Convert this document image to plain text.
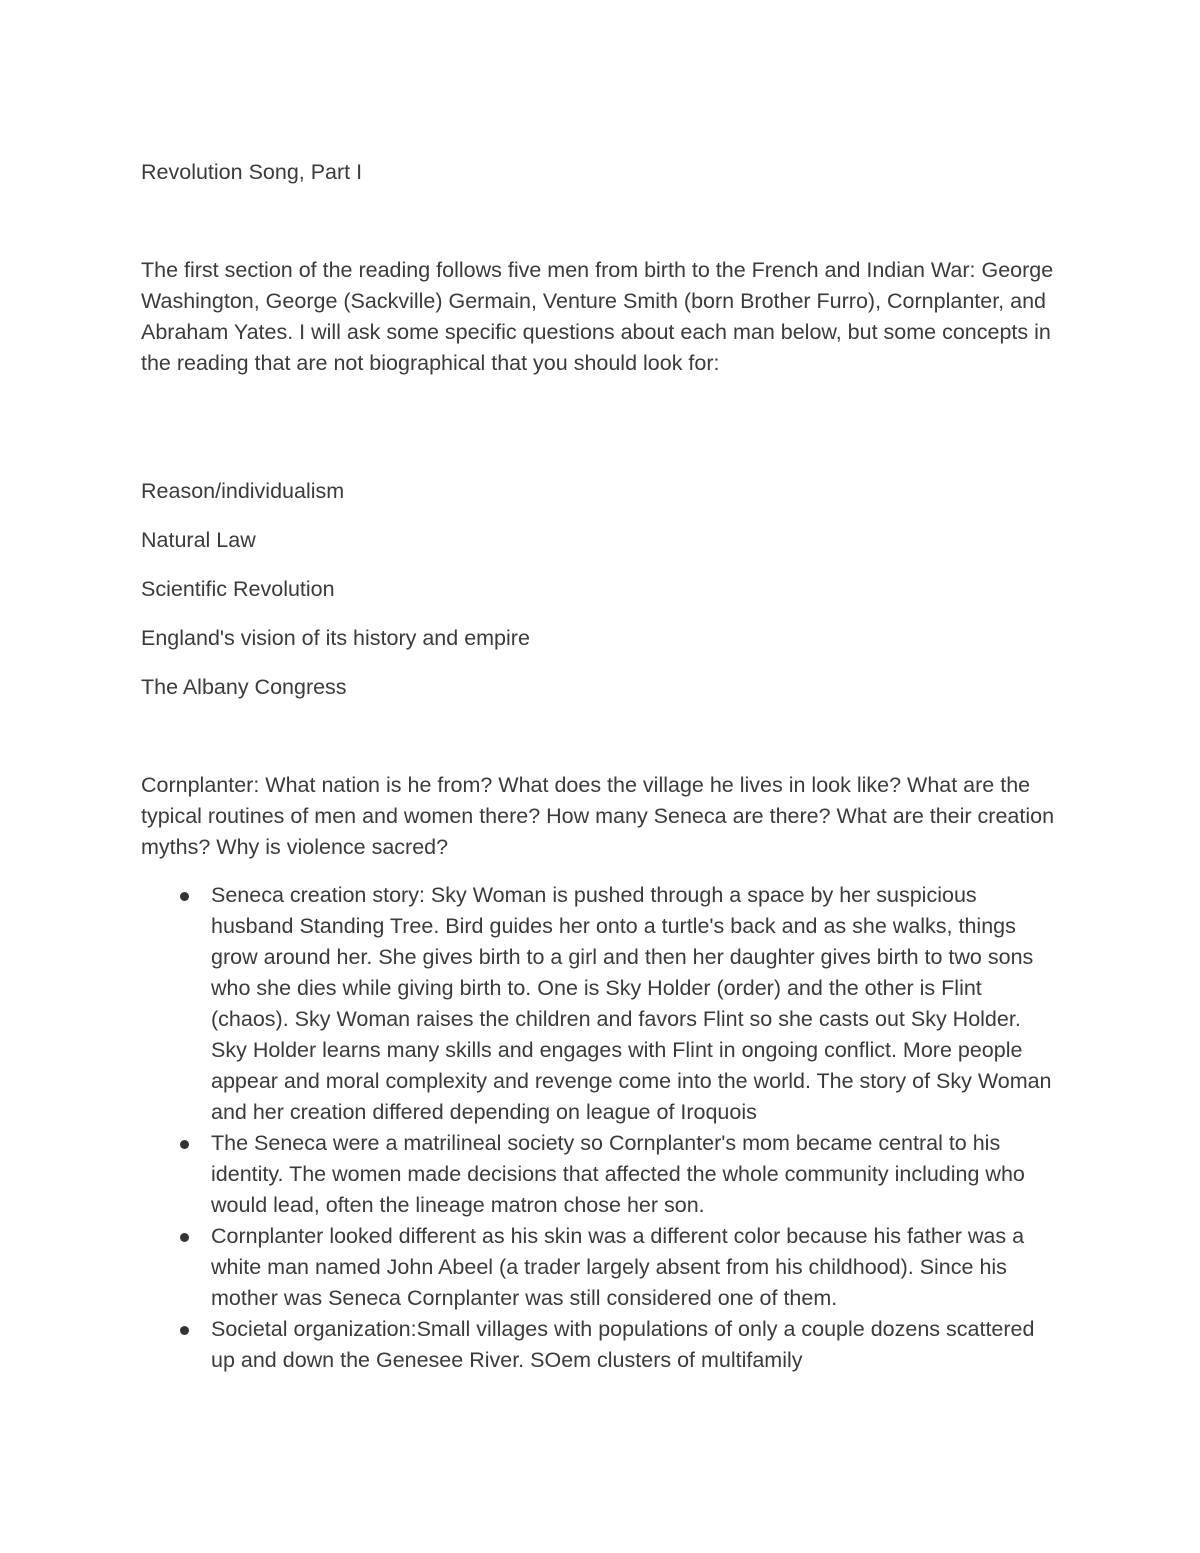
Revolution Song, Part I

The first section of the reading follows five men from birth to the French and Indian War: George Washington, George (Sackville) Germain, Venture Smith (born Brother Furro), Cornplanter, and Abraham Yates. I will ask some specific questions about each man below, but some concepts in the reading that are not biographical that you should look for:

Reason/individualism
Natural Law
Scientific Revolution
England's vision of its history and empire
The Albany Congress

Cornplanter: What nation is he from? What does the village he lives in look like? What are the typical routines of men and women there? How many Seneca are there? What are their creation myths? Why is violence sacred?

Seneca creation story: Sky Woman is pushed through a space by her suspicious husband Standing Tree. Bird guides her onto a turtle's back and as she walks, things grow around her. She gives birth to a girl and then her daughter gives birth to two sons who she dies while giving birth to. One is Sky Holder (order) and the other is Flint (chaos). Sky Woman raises the children and favors Flint so she casts out Sky Holder. Sky Holder learns many skills and engages with Flint in ongoing conflict. More people appear and moral complexity and revenge come into the world. The story of Sky Woman and her creation differed depending on league of Iroquois
The Seneca were a matrilineal society so Cornplanter's mom became central to his identity. The women made decisions that affected the whole community including who would lead, often the lineage matron chose her son.
Cornplanter looked different as his skin was a different color because his father was a white man named John Abeel (a trader largely absent from his childhood). Since his mother was Seneca Cornplanter was still considered one of them.
Societal organization:Small villages with populations of only a couple dozens scattered up and down the Genesee River. SOem clusters of multifamily
